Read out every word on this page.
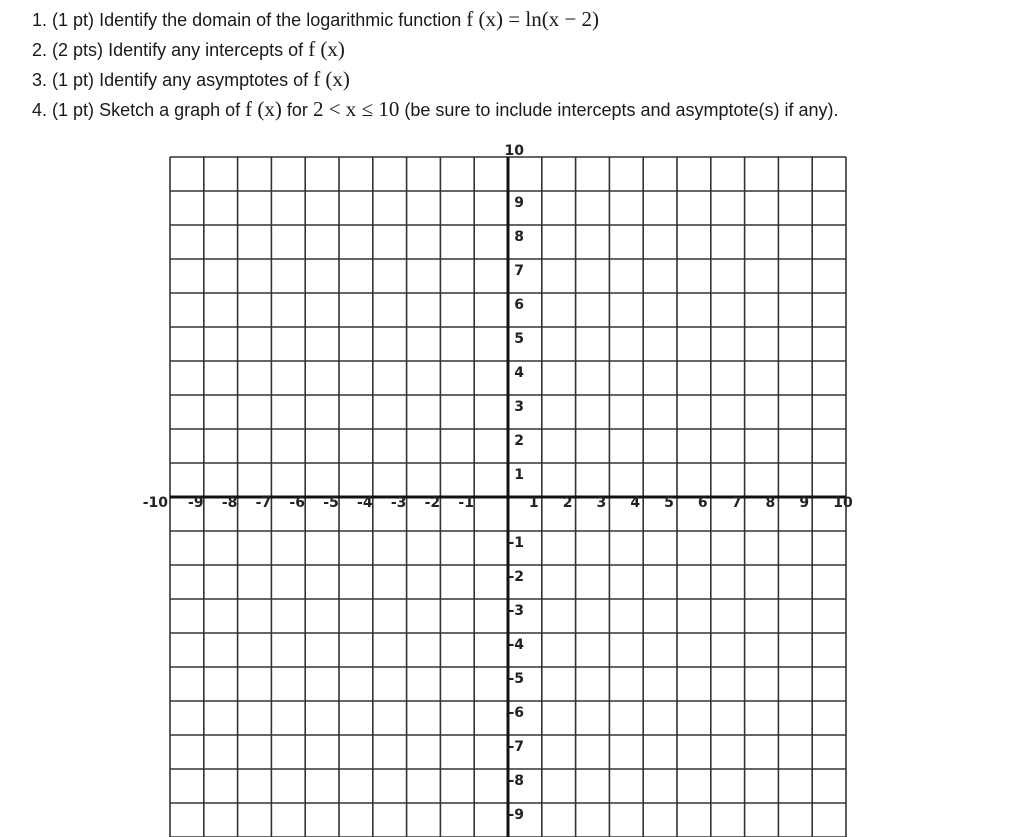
1. (1 pt) Identify the domain of the logarithmic function f (x) = ln(x − 2)
2. (2 pts) Identify any intercepts of f (x)
3. (1 pt) Identify any asymptotes of f (x)
4. (1 pt) Sketch a graph of f (x) for 2 < x ≤ 10 (be sure to include intercepts and asymptote(s) if any).
-10 -9 -8 -7 -6 -5 -4 -3 -2 -1	1 2 3 4 5 6 7 8 9 10
10
9
8
7
6
5
4
3
2
1
-1
-2
-3
-4
-5
-6
-7
-8
-9
